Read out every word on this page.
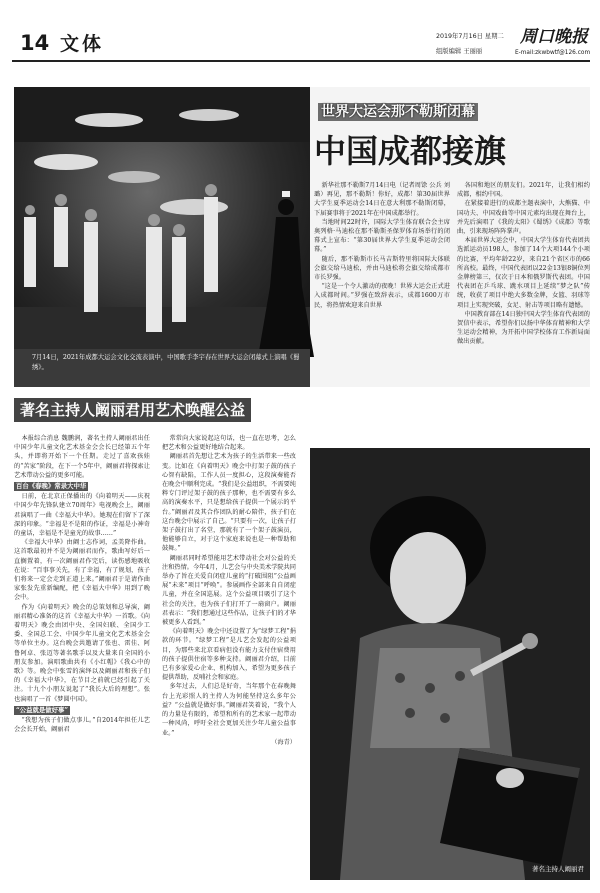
14 文体	2019年7月16日 星期二
组版编辑 王丽丽
周口晚报
E-mail:zkwbwtf@126.com
世界大运会那不勒斯闭幕
中国成都接旗
7月14日，2021年成都大运会文化交流表演中，中国歌手李宇春在世界大运会闭幕式上演唱《蜀绣》。

新华社那不勒斯7月14日电（记者周馀 公兵 刘璐）再见，那不勒斯！你好，成都！第30届世界大学生夏季运动会14日在意大利那不勒斯闭幕，下届赛事将于2021年在中国成都举行。

当地时间22时许，国际大学生体育联合会主席奥列格·马迪松在那不勒斯圣保罗体育场举行的闭幕式上宣布：“第30届世界大学生夏季运动会闭幕。”

随后，那不勒斯市长马吉斯特里将国际大体联会旗交给马迪松，并由马迪松将会旗交给成都市市长罗强。

“这是一个令人激动的夜晚！世界大运会正式进入成都时间。”罗强在致辞表示，成都1600万市民，将热情欢迎来自世界

各国和地区的朋友们。2021年，让我们相约成都，相约中国。

在紧接着进行的成都主题表演中，大熊猫、中国功夫、中国戏曲等中国元素均出现在舞台上，并先后演唱了《我的太阳》《蜀绣》《成都》等歌曲，引来现场阵阵掌声。

本届世界大运会中，中国大学生体育代表团共选派运动员198人，参加了14个大项144个小项的比赛，平均年龄22岁，来自21个省区市的66所高校。最终，中国代表团以22金13银8铜位列金牌榜第三，仅次于日本和俄罗斯代表团。中国代表团在乒乓球、跳水项目上延续“梦之队”传统，收获了项目中绝大多数金牌，女篮、羽球等项目上实现突破，女足、射击等项目略有遗憾。

中国教育部在14日独中国大学生体育代表团的贺信中表示，希望你们以扬中华体育精神和大学生运动会精神，为开拓中国学校体育工作新局面做出贡献。

著名主持人阚丽君用艺术唤醒公益

本报综合消息 魏鹏润，著名主持人阚丽君出任中国少年儿童文化艺术基金会会长已经第五个年头，并即将开始下一个任期。走过了喜欢孩娃的“苦家”阶段，在下一个5年中，阚丽君将探索让艺术带动公益的更多可能。

百台《春晚》常录大中华

日前，在北京正保播出的《向着明天——庆祝中国少年先锋队建立70周年》电视晚会上，阚丽君演唱了一曲《幸福大中华》。她现在们留下了深深的印象。“幸福是不是阳的作证，幸福是小神奇的童话，幸福是不是童光的故事……”

《幸福大中华》由阚士志作词，孟美降作曲。这首歌最初并不是为阚丽君而作，歌曲写好后一直搁置着，有一次阚丽君作完后，读伤感地吸收在说：“百事事关先，有了幸福，有了规划，孩子们将来一定会走到正道上来。”阚丽君于是请作曲家张发先重新编配，把《幸福大中华》用到了晚会中。

作为《向着明天》晚会的总策划和总导演，阚丽君精心准备的这首《幸福大中华》一首歌。《向着明天》晚会由团中央、全国妇联、全国少工委、全国总工会、中国少年儿童文化艺术基金会等单位主办。这台晚会共邀请了张也、雷佳、阿鲁阿卓、张迈等著名歌手以及大量来自全国的小朋友参加。演唱歌曲共有《小红帽》《我心中的歌》等。晚会中张雪的演绎以及阚丽君和孩子们的《幸福大中华》，在节目之前就已经引起了关注。十九个小朋友说起了“我长大后的理想”。张也演唱了一首《梦圆中国》。

“公益就是做好事”

“我想为孩子们做点事儿。”自2014年担任儿艺会会长开始，阚丽君

常常向大家说起这句话，也一直在思考，怎么把艺术和公益更好地结合起来。

阚丽君首先想让艺术为孩子的生活带来一些改变。比如在《向着明天》晚会中打架子鼓的孩子心智有缺陷，工作人员一度担心，这段演奏能否在晚会中顺利完成。“我们是公益组织，不需要纯粹专门评过架子鼓的孩子那种，也不需要有多么高的演奏水平，只是想给孩子提供一个展示的平台。”阚丽君及其合作团队的耐心陪伴，孩子们在这台晚会中展示了自己。“只要有一次，让孩子打架子鼓打出了名堂，那就有了一个架子鼓演员，他能够自立，对于这个家庭来说也是一种帮助和鼓舞。”

阚丽君同时希望能用艺术带动社会对公益的关注和热情。今年4月，儿艺会与中央美术学院共同举办了旨在关爱自闭症儿童的“打破围阻”公益画展“未来”项目“呼唤”。参展画作全部来自自闭症儿童，并在全国巡展。这个公益项目吸引了这个社会的关注，也为孩子们打开了一扇窗户。阚丽君表示：“我们想通过这些作品，让孩子们的才华被更多人看到。”

《向着明天》晚会中还设置了为“绿梦工程”捐款的环节。“绿梦工程”是儿艺会发起的公益项目，为那些来北京看病但没有能力支付住宿费用的孩子提供住宿等多种支持。阚丽君介绍，目前已有多家爱心企业、机构加入，希望为更多孩子提供帮助，反哺社会和家庭。

多年过去，人们总是好奇，当年那个在春晚舞台上光彩照人的主持人为何能坚持这么多年公益？“公益就是做好事。”阚丽君笑着说，“我个人的力量是有限的，希望和所有的艺术家一起带动一种风尚，呼吁全社会更加关注少年儿童公益事业。”

（海青）
著名主持人阚丽君
